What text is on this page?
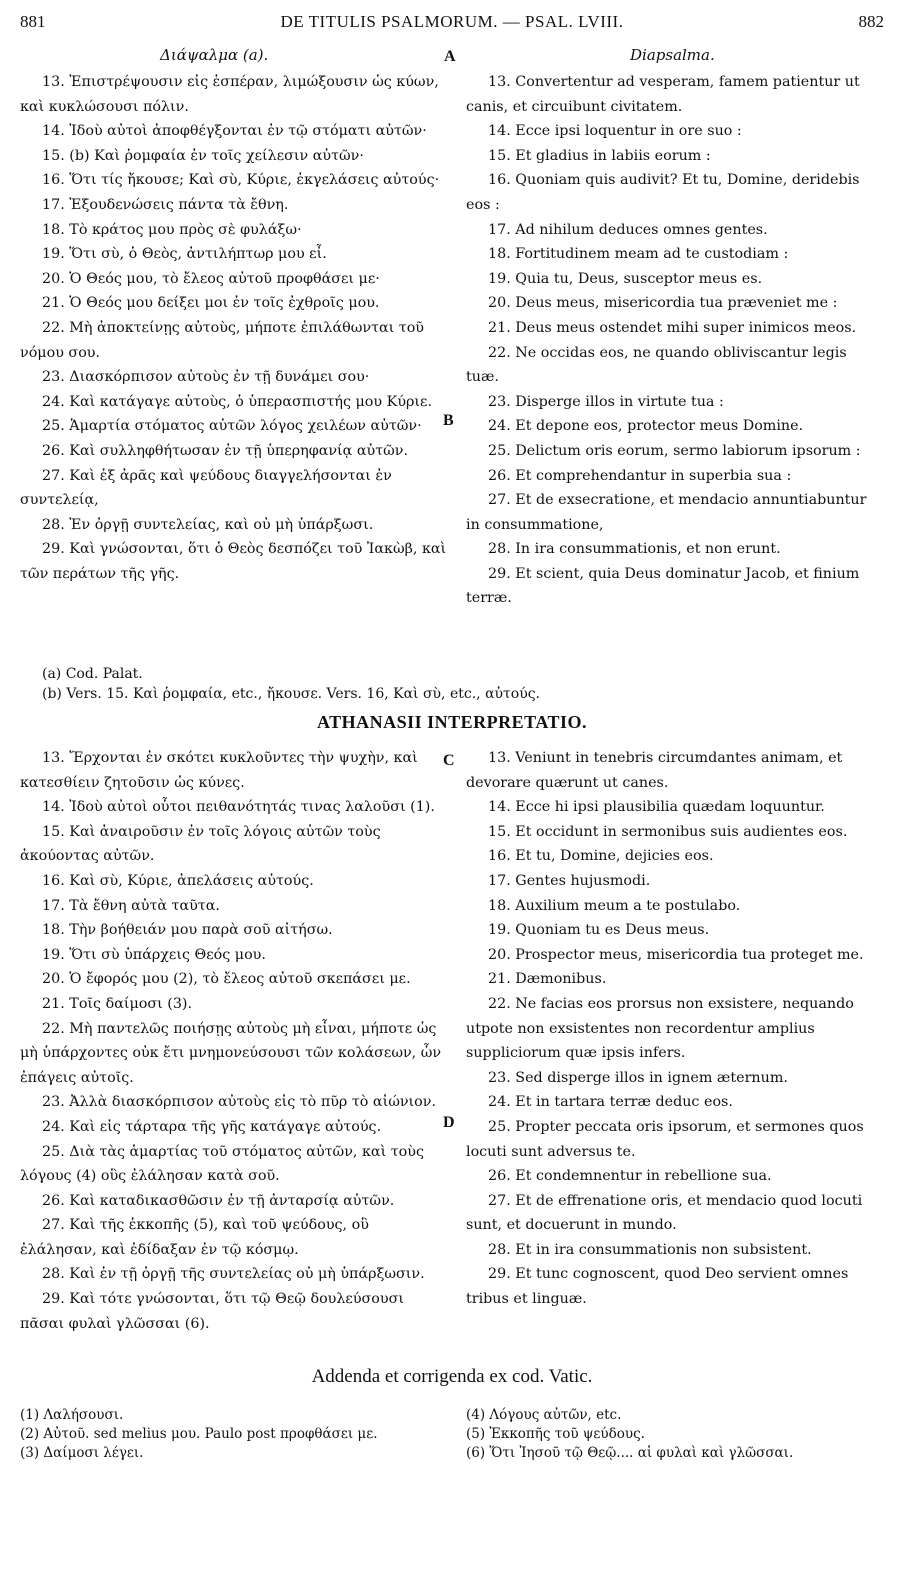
881	DE TITULIS PSALMORUM. — PSAL. LVIII.	882
Διάψαλμα (a).	Diapsalma.
A
B
C
D

13. Ἐπιστρέψουσιν εἰς ἑσπέραν, λιμώξουσιν ὡς κύων, καὶ κυκλώσουσι πόλιν.

14. Ἰδοὺ αὐτοὶ ἀποφθέγξονται ἐν τῷ στόματι αὐτῶν·

15. (b) Καὶ ῥομφαία ἐν τοῖς χείλεσιν αὐτῶν·

16. Ὅτι τίς ἤκουσε; Καὶ σὺ, Κύριε, ἐκγελάσεις αὐτούς·

17. Ἐξουδενώσεις πάντα τὰ ἔθνη.

18. Τὸ κράτος μου πρὸς σὲ φυλάξω·

19. Ὅτι σὺ, ὁ Θεὸς, ἀντιλήπτωρ μου εἶ.

20. Ὁ Θεός μου, τὸ ἔλεος αὐτοῦ προφθάσει με·

21. Ὁ Θεός μου δείξει μοι ἐν τοῖς ἐχθροῖς μου.

22. Μὴ ἀποκτείνῃς αὐτοὺς, μήποτε ἐπιλάθωνται τοῦ νόμου σου.

23. Διασκόρπισον αὐτοὺς ἐν τῇ δυνάμει σου·

24. Καὶ κατάγαγε αὐτοὺς, ὁ ὑπερασπιστής μου Κύριε.

25. Ἁμαρτία στόματος αὐτῶν λόγος χειλέων αὐτῶν·

26. Καὶ συλληφθήτωσαν ἐν τῇ ὑπερηφανίᾳ αὐτῶν.

27. Καὶ ἐξ ἀρᾶς καὶ ψεύδους διαγγελήσονται ἐν συντελείᾳ,

28. Ἐν ὀργῇ συντελείας, καὶ οὐ μὴ ὑπάρξωσι.

29. Καὶ γνώσονται, ὅτι ὁ Θεὸς δεσπόζει τοῦ Ἰακὼβ, καὶ τῶν περάτων τῆς γῆς.

13. Convertentur ad vesperam, famem patientur ut canis, et circuibunt civitatem.

14. Ecce ipsi loquentur in ore suo :

15. Et gladius in labiis eorum :

16. Quoniam quis audivit? Et tu, Domine, deridebis eos :

17. Ad nihilum deduces omnes gentes.

18. Fortitudinem meam ad te custodiam :

19. Quia tu, Deus, susceptor meus es.

20. Deus meus, misericordia tua præveniet me :

21. Deus meus ostendet mihi super inimicos meos.

22. Ne occidas eos, ne quando obliviscantur legis tuæ.

23. Disperge illos in virtute tua :

24. Et depone eos, protector meus Domine.

25. Delictum oris eorum, sermo labiorum ipsorum :

26. Et comprehendantur in superbia sua :

27. Et de exsecratione, et mendacio annuntiabuntur in consummatione,

28. In ira consummationis, et non erunt.

29. Et scient, quia Deus dominatur Jacob, et finium terræ.

(a) Cod. Palat.

(b) Vers. 15. Καὶ ῥομφαία, etc., ἤκουσε. Vers. 16, Καὶ σὺ, etc., αὐτούς.

ATHANASII INTERPRETATIO.

13. Ἔρχονται ἐν σκότει κυκλοῦντες τὴν ψυχὴν, καὶ κατεσθίειν ζητοῦσιν ὡς κύνες.

14. Ἰδοὺ αὐτοὶ οὗτοι πειθανότητάς τινας λαλοῦσι (1).

15. Καὶ ἀναιροῦσιν ἐν τοῖς λόγοις αὐτῶν τοὺς ἀκούοντας αὐτῶν.

16. Καὶ σὺ, Κύριε, ἀπελάσεις αὐτούς.

17. Τὰ ἔθνη αὐτὰ ταῦτα.

18. Τὴν βοήθειάν μου παρὰ σοῦ αἰτήσω.

19. Ὅτι σὺ ὑπάρχεις Θεός μου.

20. Ὁ ἔφορός μου (2), τὸ ἔλεος αὐτοῦ σκεπάσει με.

21. Τοῖς δαίμοσι (3).

22. Μὴ παντελῶς ποιήσῃς αὐτοὺς μὴ εἶναι, μήποτε ὡς μὴ ὑπάρχοντες οὐκ ἔτι μνημονεύσουσι τῶν κολάσεων, ὧν ἐπάγεις αὐτοῖς.

23. Ἀλλὰ διασκόρπισον αὐτοὺς εἰς τὸ πῦρ τὸ αἰώνιον.

24. Καὶ εἰς τάρταρα τῆς γῆς κατάγαγε αὐτούς.

25. Διὰ τὰς ἁμαρτίας τοῦ στόματος αὐτῶν, καὶ τοὺς λόγους (4) οὓς ἐλάλησαν κατὰ σοῦ.

26. Καὶ καταδικασθῶσιν ἐν τῇ ἀνταρσίᾳ αὐτῶν.

27. Καὶ τῆς ἐκκοπῆς (5), καὶ τοῦ ψεύδους, οὓ ἐλάλησαν, καὶ ἐδίδαξαν ἐν τῷ κόσμῳ.

28. Καὶ ἐν τῇ ὀργῇ τῆς συντελείας οὐ μὴ ὑπάρξωσιν.

29. Καὶ τότε γνώσονται, ὅτι τῷ Θεῷ δουλεύσουσι πᾶσαι φυλαὶ γλῶσσαι (6).

13. Veniunt in tenebris circumdantes animam, et devorare quærunt ut canes.

14. Ecce hi ipsi plausibilia quædam loquuntur.

15. Et occidunt in sermonibus suis audientes eos.

16. Et tu, Domine, dejicies eos.

17. Gentes hujusmodi.

18. Auxilium meum a te postulabo.

19. Quoniam tu es Deus meus.

20. Prospector meus, misericordia tua proteget me.

21. Dæmonibus.

22. Ne facias eos prorsus non exsistere, nequando utpote non exsistentes non recordentur amplius suppliciorum quæ ipsis infers.

23. Sed disperge illos in ignem æternum.

24. Et in tartara terræ deduc eos.

25. Propter peccata oris ipsorum, et sermones quos locuti sunt adversus te.

26. Et condemnentur in rebellione sua.

27. Et de effrenatione oris, et mendacio quod locuti sunt, et docuerunt in mundo.

28. Et in ira consummationis non subsistent.

29. Et tunc cognoscent, quod Deo servient omnes tribus et linguæ.

Addenda et corrigenda ex cod. Vatic.

(1) Λαλήσουσι.

(2) Αὐτοῦ. sed melius μου. Paulo post προφθάσει με.

(3) Δαίμοσι λέγει.

(4) Λόγους αὐτῶν, etc.

(5) Ἐκκοπῆς τοῦ ψεύδους.

(6) Ὅτι Ἰησοῦ τῷ Θεῷ.... αἱ φυλαὶ καὶ γλῶσσαι.
